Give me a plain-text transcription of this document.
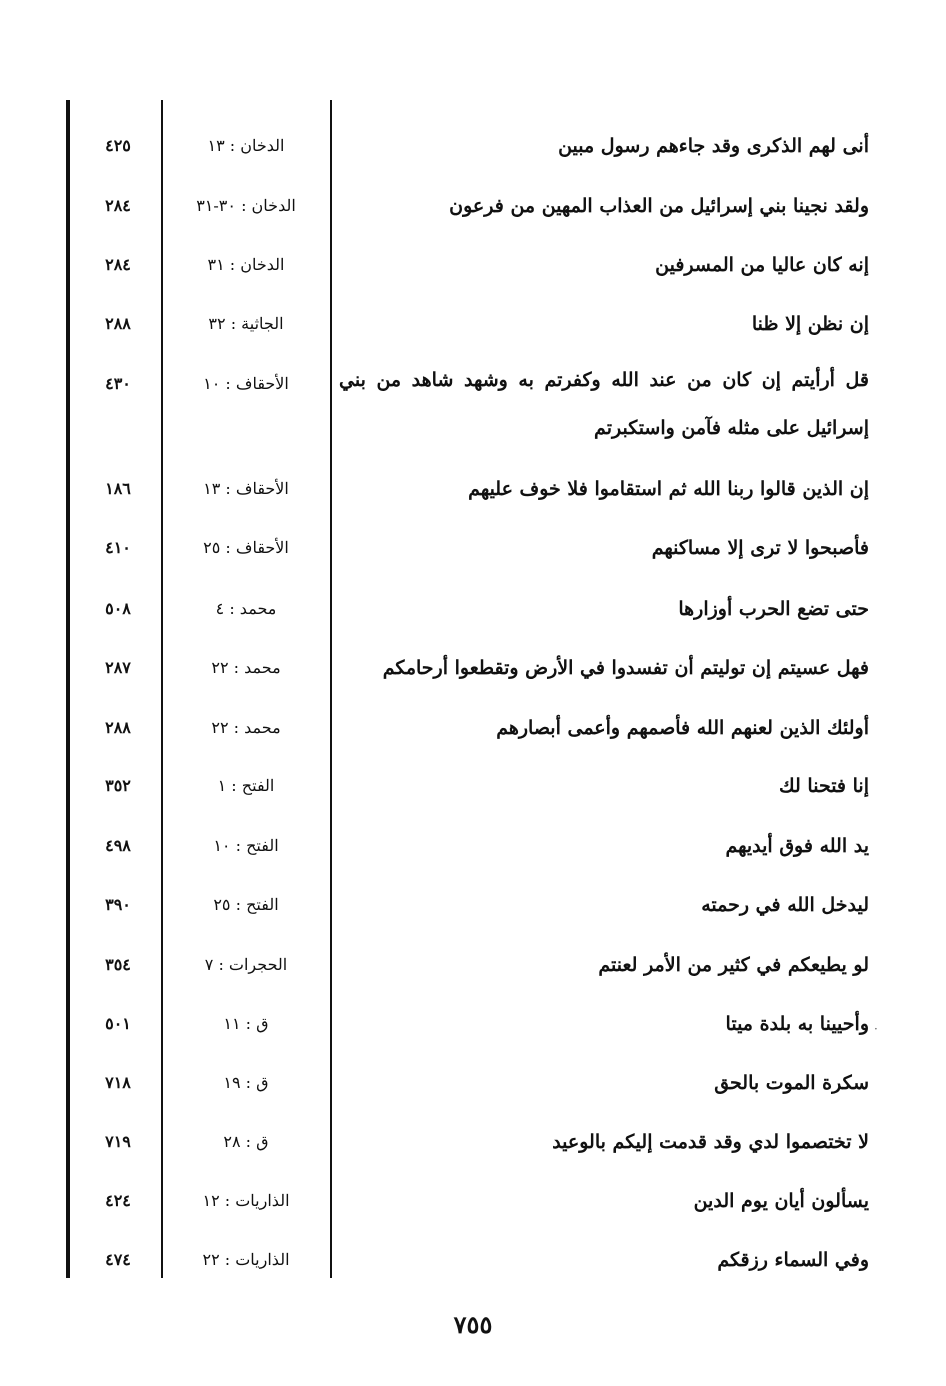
أنى لهم الذكرى وقد جاءهم رسول مبين
الدخان : ١٣
٤٢٥
ولقد نجينا بني إسرائيل من العذاب المهين من فرعون
الدخان : ٣٠-٣١
٢٨٤
إنه كان عاليا من المسرفين
الدخان : ٣١
٢٨٤
إن نظن إلا ظنا
الجاثية : ٣٢
٢٨٨
قل أرأيتم إن كان من عند الله وكفرتم به وشهد شاهد من بني إسرائيل على مثله فآمن واستكبرتم
الأحقاف : ١٠
٤٣٠
إن الذين قالوا ربنا الله ثم استقاموا فلا خوف عليهم
الأحقاف : ١٣
١٨٦
فأصبحوا لا ترى إلا مساكنهم
الأحقاف : ٢٥
٤١٠
حتى تضع الحرب أوزارها
محمد : ٤
٥٠٨
فهل عسيتم إن توليتم أن تفسدوا في الأرض وتقطعوا أرحامكم
محمد : ٢٢
٢٨٧
أولئك الذين لعنهم الله فأصمهم وأعمى أبصارهم
محمد : ٢٢
٢٨٨
إنا فتحنا لك
الفتح : ١
٣٥٢
يد الله فوق أيديهم
الفتح : ١٠
٤٩٨
ليدخل الله في رحمته
الفتح : ٢٥
٣٩٠
لو يطيعكم في كثير من الأمر لعنتم
الحجرات : ٧
٣٥٤
وأحيينا به بلدة ميتا
ق : ١١
٥٠١
سكرة الموت بالحق
ق : ١٩
٧١٨
لا تختصموا لدي وقد قدمت إليكم بالوعيد
ق : ٢٨
٧١٩
يسألون أيان يوم الدين
الذاريات : ١٢
٤٢٤
وفي السماء رزقكم
الذاريات : ٢٢
٤٧٤
·
٧٥٥
